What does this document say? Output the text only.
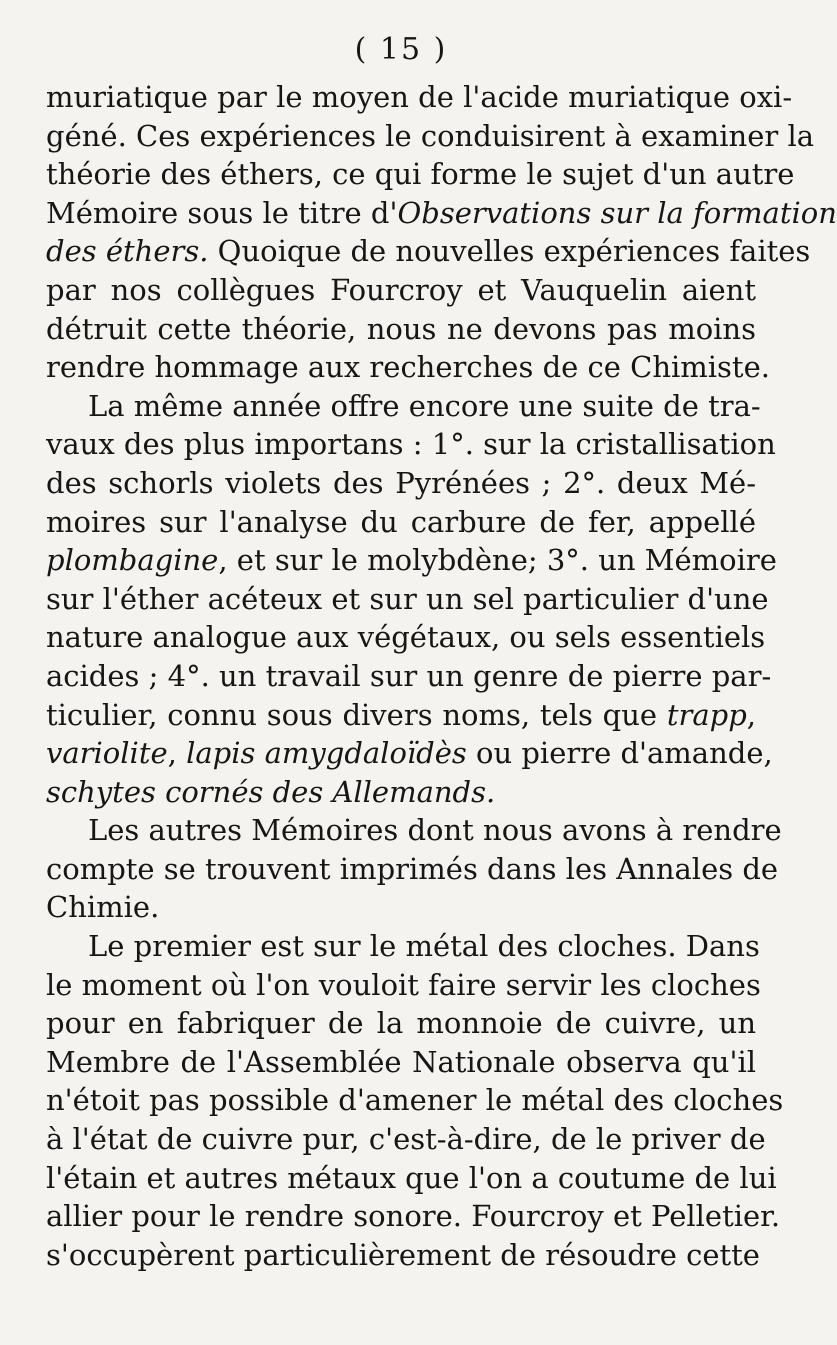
( 15 )
muriatique par le moyen de l'acide muriatique oxi-
géné. Ces expériences le conduisirent à examiner la
théorie des éthers, ce qui forme le sujet d'un autre
Mémoire sous le titre d'Observations sur la formation
des éthers. Quoique de nouvelles expériences faites
par nos collègues Fourcroy et Vauquelin aient
détruit cette théorie, nous ne devons pas moins
rendre hommage aux recherches de ce Chimiste.
La même année offre encore une suite de tra-
vaux des plus importans : 1°. sur la cristallisation
des schorls violets des Pyrénées ; 2°. deux Mé-
moires sur l'analyse du carbure de fer, appellé
plombagine, et sur le molybdène; 3°. un Mémoire
sur l'éther acéteux et sur un sel particulier d'une
nature analogue aux végétaux, ou sels essentiels
acides ; 4°. un travail sur un genre de pierre par-
ticulier, connu sous divers noms, tels que trapp,
variolite, lapis amygdaloïdès ou pierre d'amande,
schytes cornés des Allemands.
Les autres Mémoires dont nous avons à rendre
compte se trouvent imprimés dans les Annales de
Chimie.
Le premier est sur le métal des cloches. Dans
le moment où l'on vouloit faire servir les cloches
pour en fabriquer de la monnoie de cuivre, un
Membre de l'Assemblée Nationale observa qu'il
n'étoit pas possible d'amener le métal des cloches
à l'état de cuivre pur, c'est-à-dire, de le priver de
l'étain et autres métaux que l'on a coutume de lui
allier pour le rendre sonore. Fourcroy et Pelletier.
s'occupèrent particulièrement de résoudre cette
